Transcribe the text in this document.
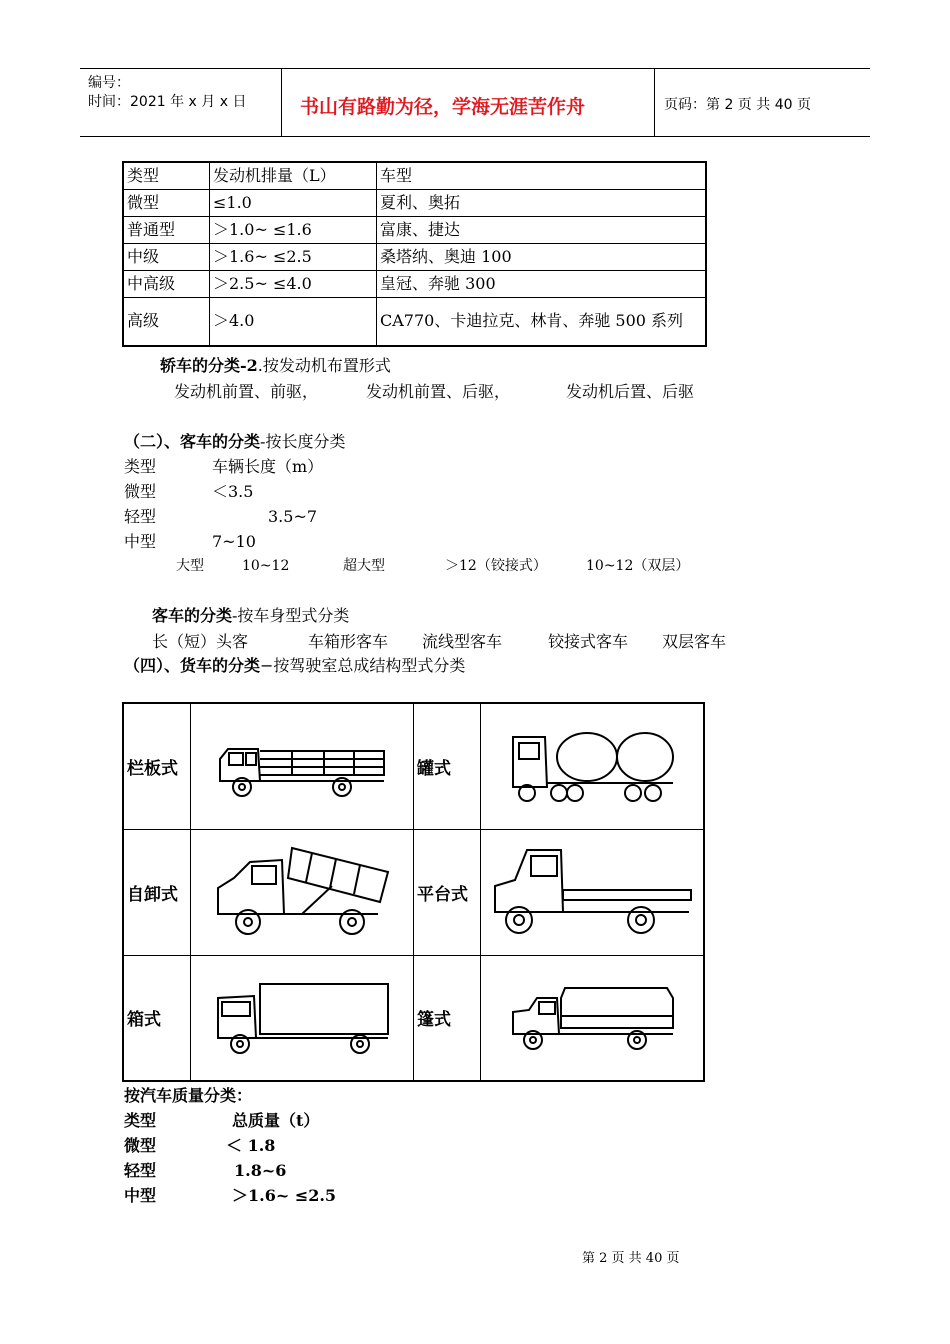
编号：
时间：2021 年 x 月 x 日	书山有路勤为径，学海无涯苦作舟	页码：第 2 页 共 40 页
类型	发动机排量（L）	车型
微型	≤1.0	夏利、奥拓
普通型	＞1.0~ ≤1.6	富康、捷达
中级	＞1.6~ ≤2.5	桑塔纳、奥迪 100
中高级	＞2.5~ ≤4.0	皇冠、奔驰 300
高级	＞4.0	CA770、卡迪拉克、林肯、奔驰 500 系列
轿车的分类-2.按发动机布置形式
发动机前置、前驱，	发动机前置、后驱，	发动机后置、后驱
（二）、客车的分类-按长度分类
类型	车辆长度（m）
微型	＜3.5
轻型	3.5~7
中型	7~10
大型	10~12	超大型	＞12（铰接式）	10~12（双层）
客车的分类-按车身型式分类
长（短）头客	车箱形客车 流线型客车	铰接式客车 双层客车
（四）、货车的分类−按驾驶室总成结构型式分类
栏板式		罐式	

自卸式		平台式	

箱式		篷式	
按汽车质量分类：
类型	总质量（t）
微型	＜ 1.8
轻型	1.8~6
中型	＞1.6~ ≤2.5
第 2 页 共 40 页
